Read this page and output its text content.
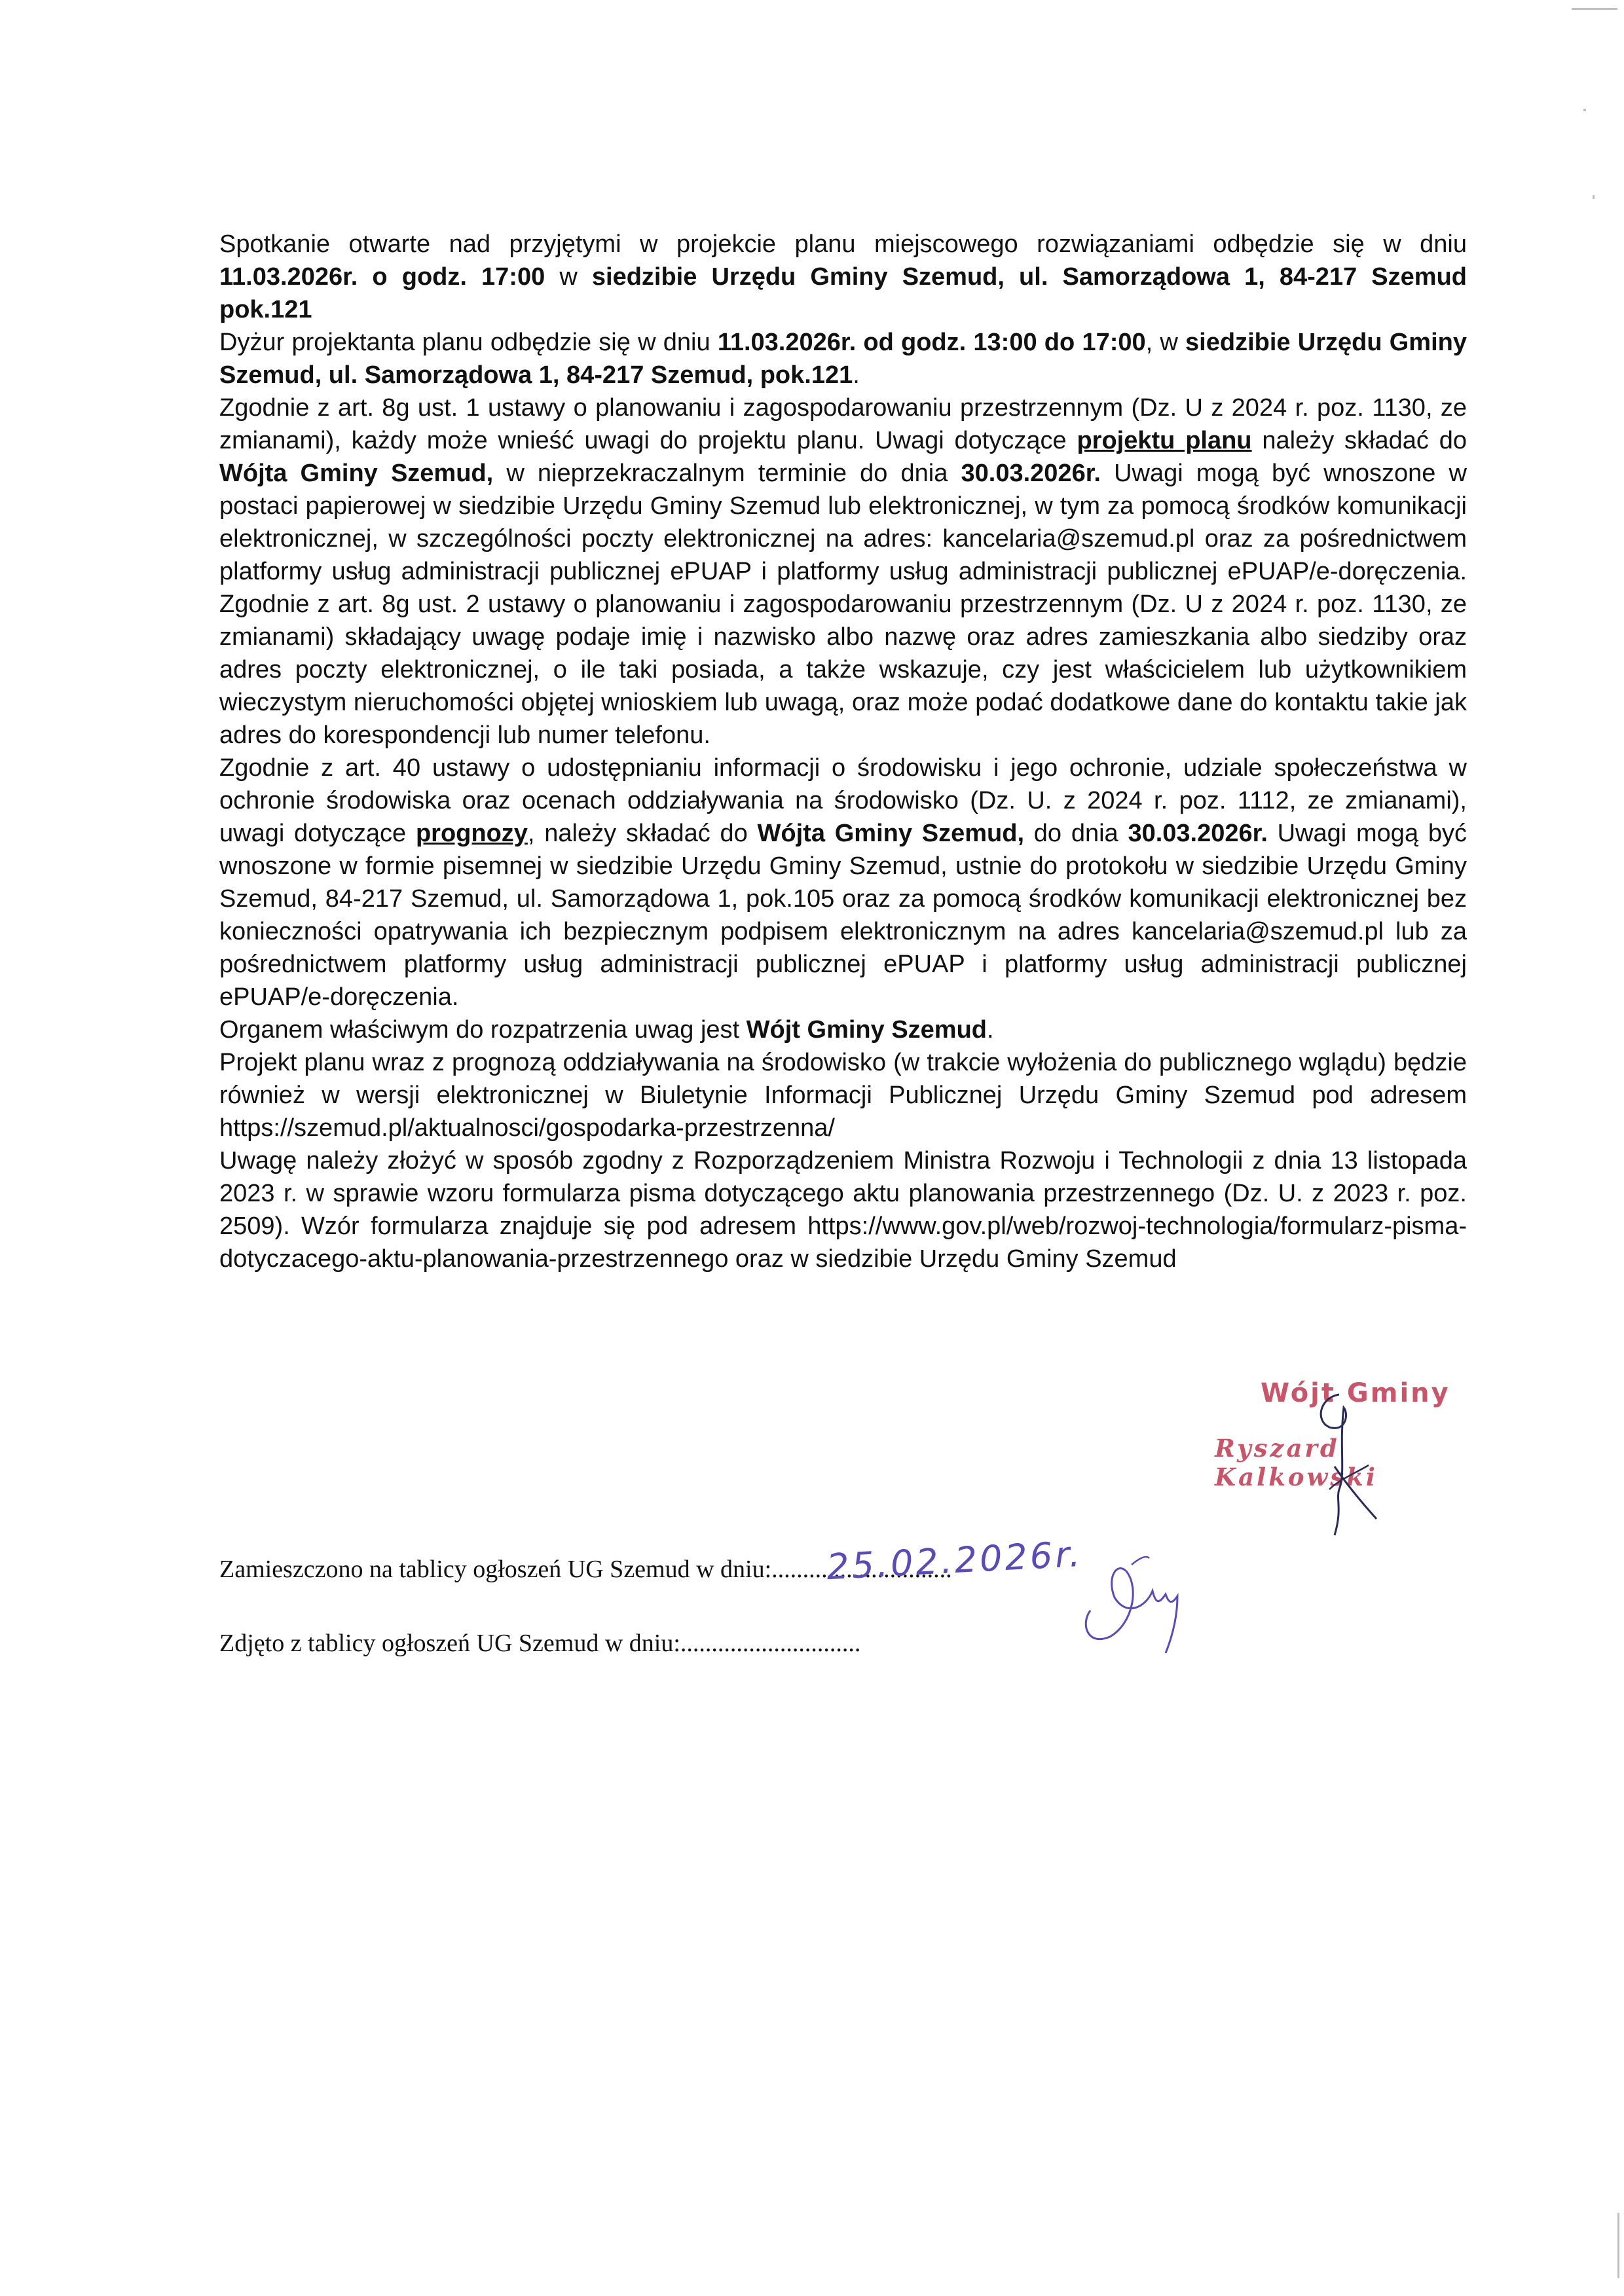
Spotkanie otwarte nad przyjętymi w projekcie planu miejscowego rozwiązaniami odbędzie się w dniu 11.03.2026r. o godz. 17:00 w siedzibie Urzędu Gminy Szemud, ul. Samorządowa 1, 84-217 Szemud pok.121

Dyżur projektanta planu odbędzie się w dniu 11.03.2026r. od godz. 13:00 do 17:00, w siedzibie Urzędu Gminy Szemud, ul. Samorządowa 1, 84-217 Szemud, pok.121.

Zgodnie z art. 8g ust. 1 ustawy o planowaniu i zagospodarowaniu przestrzennym (Dz. U z 2024 r. poz. 1130, ze zmianami), każdy może wnieść uwagi do projektu planu. Uwagi dotyczące projektu planu należy składać do Wójta Gminy Szemud, w nieprzekraczalnym terminie do dnia 30.03.2026r. Uwagi mogą być wnoszone w postaci papierowej w siedzibie Urzędu Gminy Szemud lub elektronicznej, w tym za pomocą środków komunikacji elektronicznej, w szczególności poczty elektronicznej na adres: kancelaria@szemud.pl oraz za pośrednictwem platformy usług administracji publicznej ePUAP i platformy usług administracji publicznej ePUAP/e-doręczenia. Zgodnie z art. 8g ust. 2 ustawy o planowaniu i zagospodarowaniu przestrzennym (Dz. U z 2024 r. poz. 1130, ze zmianami) składający uwagę podaje imię i nazwisko albo nazwę oraz adres zamieszkania albo siedziby oraz adres poczty elektronicznej, o ile taki posiada, a także wskazuje, czy jest właścicielem lub użytkownikiem wieczystym nieruchomości objętej wnioskiem lub uwagą, oraz może podać dodatkowe dane do kontaktu takie jak adres do korespondencji lub numer telefonu.

Zgodnie z art. 40 ustawy o udostępnianiu informacji o środowisku i jego ochronie, udziale społeczeństwa w ochronie środowiska oraz ocenach oddziaływania na środowisko (Dz. U. z 2024 r. poz. 1112, ze zmianami), uwagi dotyczące prognozy, należy składać do Wójta Gminy Szemud, do dnia 30.03.2026r. Uwagi mogą być wnoszone w formie pisemnej w siedzibie Urzędu Gminy Szemud, ustnie do protokołu w siedzibie Urzędu Gminy Szemud, 84-217 Szemud, ul. Samorządowa 1, pok.105 oraz za pomocą środków komunikacji elektronicznej bez konieczności opatrywania ich bezpiecznym podpisem elektronicznym na adres kancelaria@szemud.pl lub za pośrednictwem platformy usług administracji publicznej ePUAP i platformy usług administracji publicznej ePUAP/e-doręczenia.

Organem właściwym do rozpatrzenia uwag jest Wójt Gminy Szemud.

Projekt planu wraz z prognozą oddziaływania na środowisko (w trakcie wyłożenia do publicznego wglądu) będzie również w wersji elektronicznej w Biuletynie Informacji Publicznej Urzędu Gminy Szemud pod adresem https://szemud.pl/aktualnosci/gospodarka-przestrzenna/

Uwagę należy złożyć w sposób zgodny z Rozporządzeniem Ministra Rozwoju i Technologii z dnia 13 listopada 2023 r. w sprawie wzoru formularza pisma dotyczącego aktu planowania przestrzennego (Dz. U. z 2023 r. poz. 2509). Wzór formularza znajduje się pod adresem https://www.gov.pl/web/rozwoj-technologia/formularz-pisma-dotyczacego-aktu-planowania-przestrzennego oraz w siedzibie Urzędu Gminy Szemud

Wójt Gminy
Ryszard Kalkowski
Zamieszczono na tablicy ogłoszeń UG Szemud w dniu:.............................
25.02.2026r.
Zdjęto z tablicy ogłoszeń UG Szemud w dniu:.............................
